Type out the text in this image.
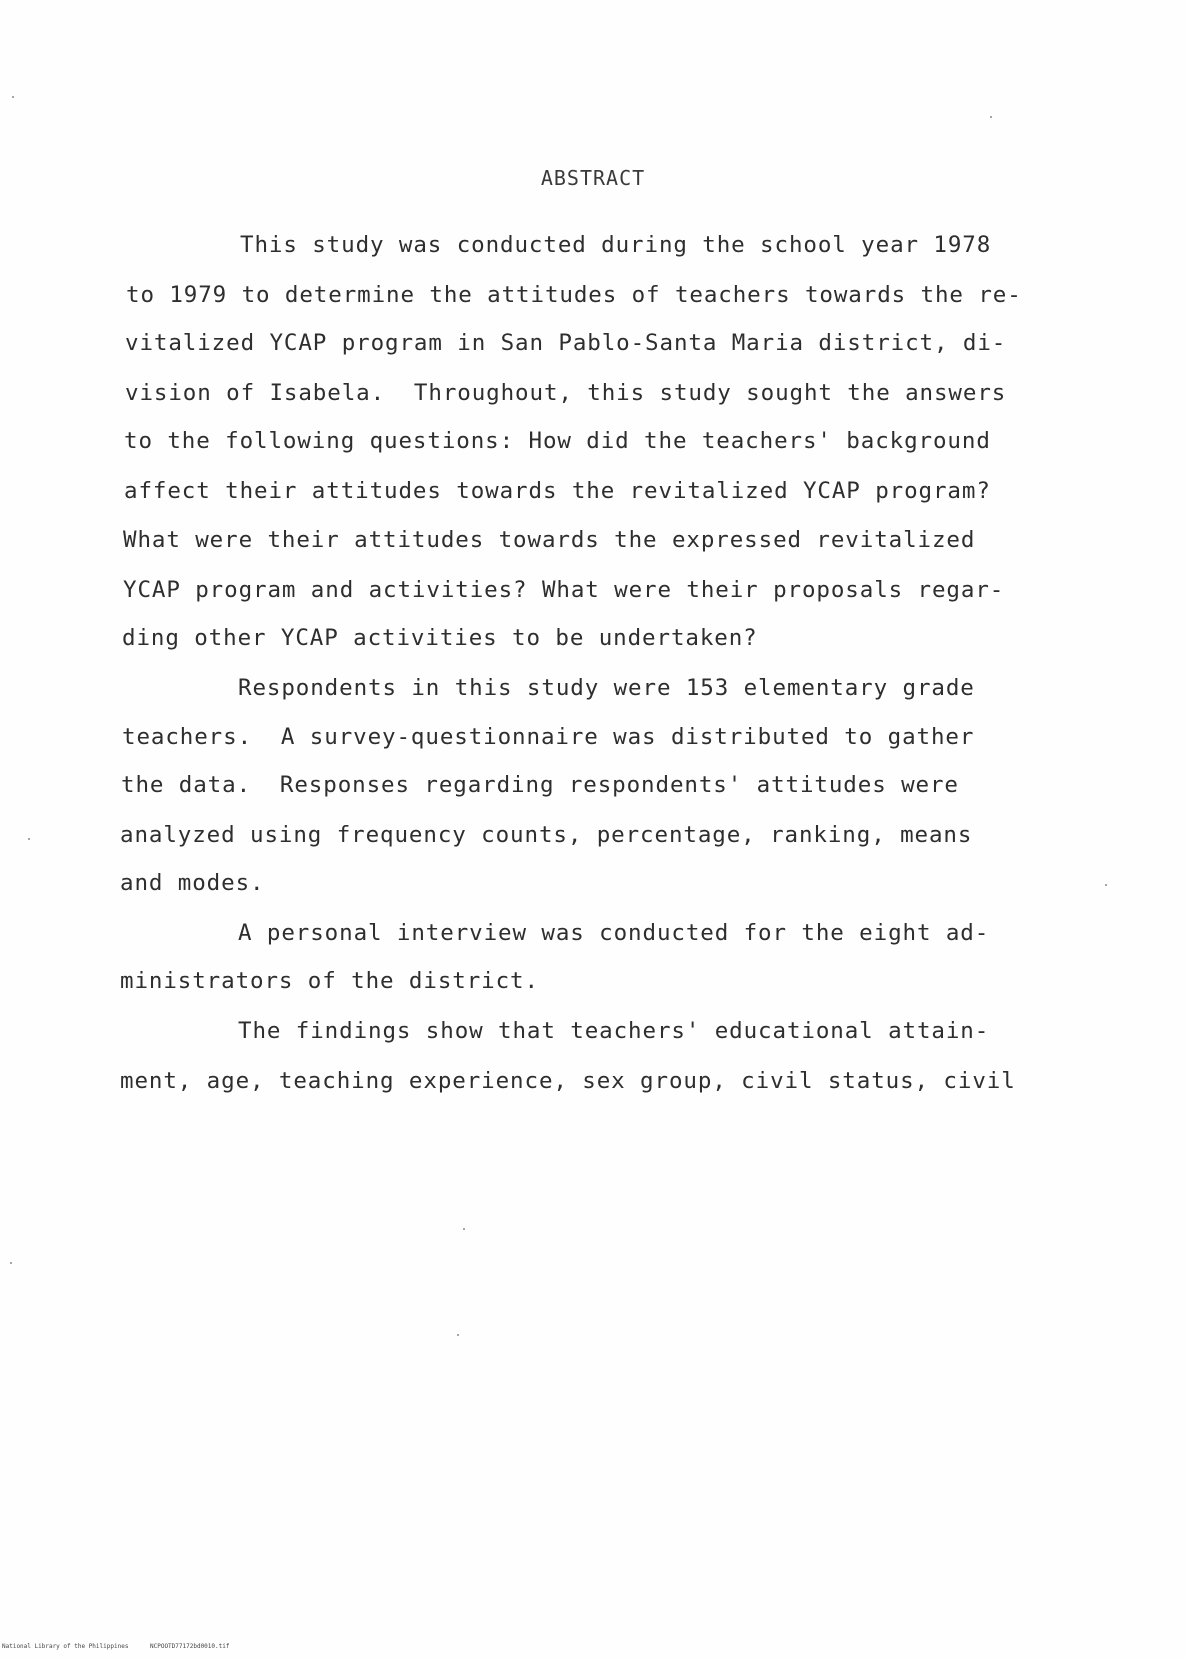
ABSTRACT
This study was conducted during the school year 1978
to 1979 to determine the attitudes of teachers towards the re-
vitalized YCAP program in San Pablo-Santa Maria district, di-
vision of Isabela.  Throughout, this study sought the answers
to the following questions: How did the teachers' background
affect their attitudes towards the revitalized YCAP program?
What were their attitudes towards the expressed revitalized
YCAP program and activities? What were their proposals regar-
ding other YCAP activities to be undertaken?
Respondents in this study were 153 elementary grade
teachers.  A survey-questionnaire was distributed to gather
the data.  Responses regarding respondents' attitudes were
analyzed using frequency counts, percentage, ranking, means
and modes.
A personal interview was conducted for the eight ad-
ministrators of the district.
The findings show that teachers' educational attain-
ment, age, teaching experience, sex group, civil status, civil
National Library of the Philippines	NCPOOTD77172bd0010.tif
